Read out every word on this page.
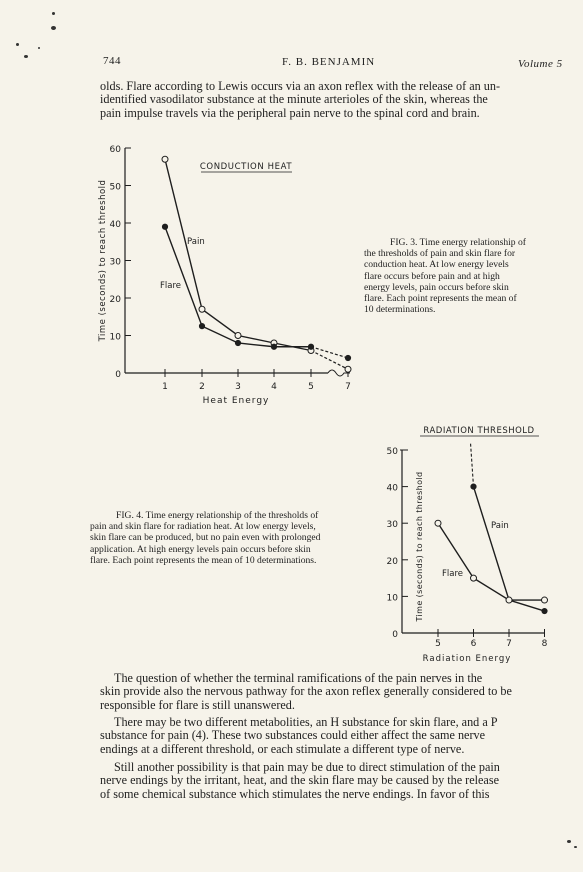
744	F. B. BENJAMIN	Volume 5
olds. Flare according to Lewis occurs via an axon reflex with the release of an un-
identified vasodilator substance at the minute arterioles of the skin, whereas the
pain impulse travels via the peripheral pain nerve to the spinal cord and brain.
0
10
20
30
40
50
60
1	2	3	4	5	7
Heat Energy
Time (seconds) to reach threshold
CONDUCTION HEAT
Pain
Flare
FIG. 3. Time energy relationship of
the thresholds of pain and skin flare for
conduction heat. At low energy levels
flare occurs before pain and at high
energy levels, pain occurs before skin
flare. Each point represents the mean of
10 determinations.
0
10
20
30
40
50
5	6	7	8
Radiation Energy
Time (seconds) to reach threshold
RADIATION THRESHOLD
Pain
Flare
FIG. 4. Time energy relationship of the thresholds of
pain and skin flare for radiation heat. At low energy levels,
skin flare can be produced, but no pain even with prolonged
application. At high energy levels pain occurs before skin
flare. Each point represents the mean of 10 determinations.
The question of whether the terminal ramifications of the pain nerves in the
skin provide also the nervous pathway for the axon reflex generally considered to be
responsible for flare is still unanswered.
There may be two different metabolities, an H substance for skin flare, and a P
substance for pain (4). These two substances could either affect the same nerve
endings at a different threshold, or each stimulate a different type of nerve.
Still another possibility is that pain may be due to direct stimulation of the pain
nerve endings by the irritant, heat, and the skin flare may be caused by the release
of some chemical substance which stimulates the nerve endings. In favor of this
